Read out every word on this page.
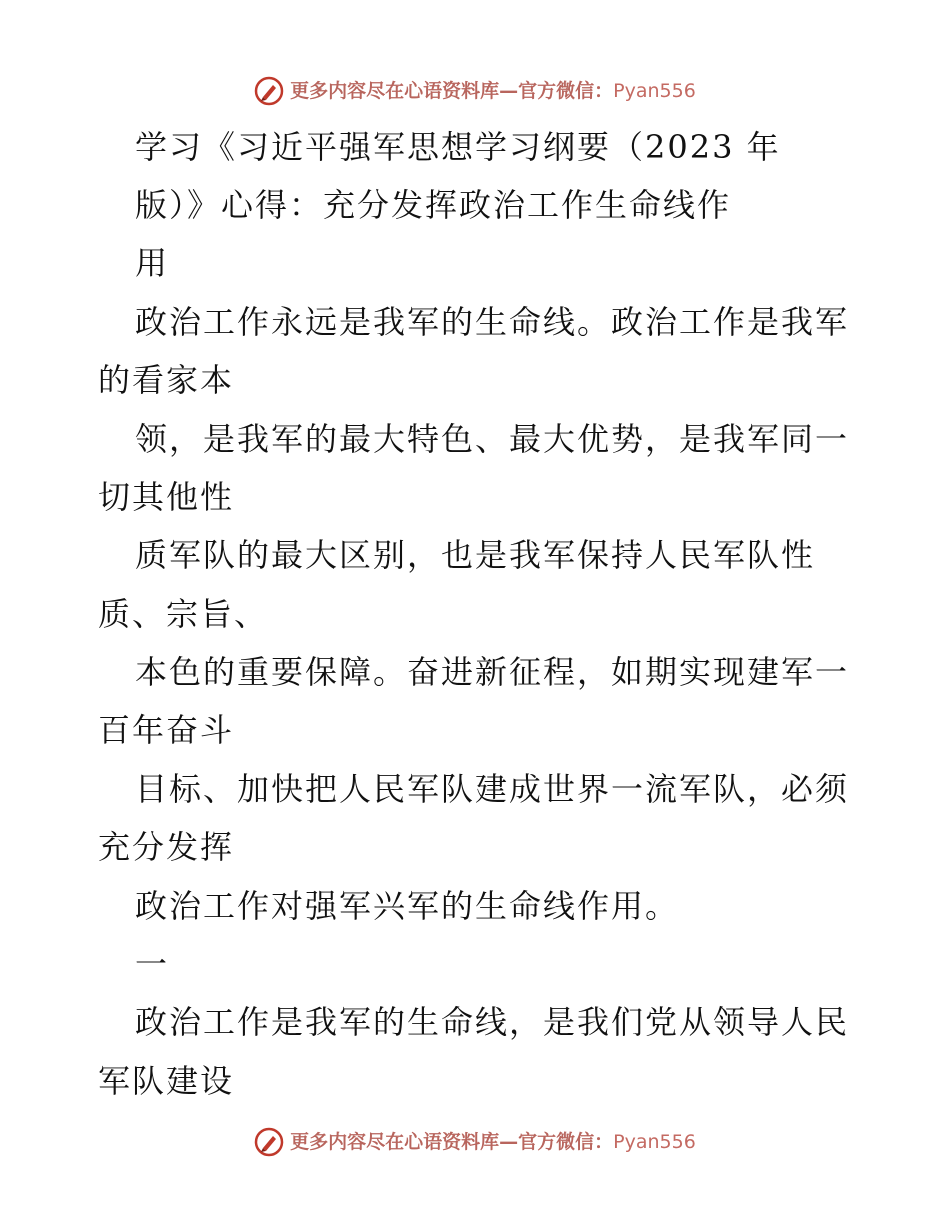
更多内容尽在心语资料库—官方微信： Pyan556
学习《习近平强军思想学习纲要（2023 年
版）》心得：充分发挥政治工作生命线作
用
政治工作永远是我军的生命线。政治工作是我军
的看家本
领，是我军的最大特色、最大优势，是我军同一
切其他性
质军队的最大区别，也是我军保持人民军队性
质、宗旨、
本色的重要保障。奋进新征程，如期实现建军一
百年奋斗
目标、加快把人民军队建成世界一流军队，必须
充分发挥
政治工作对强军兴军的生命线作用。
一
政治工作是我军的生命线，是我们党从领导人民
军队建设
更多内容尽在心语资料库—官方微信： Pyan556
